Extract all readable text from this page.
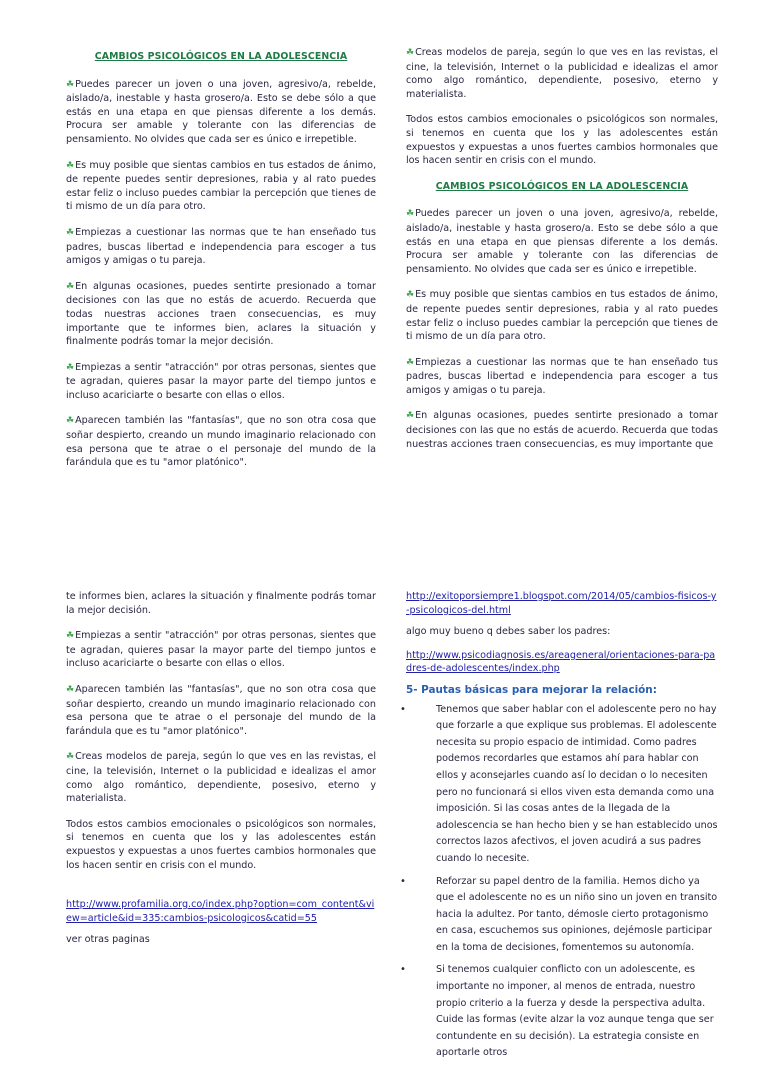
CAMBIOS PSICOLÓGICOS EN LA ADOLESCENCIA

☘Puedes parecer un joven o una joven, agresivo/a, rebelde, aislado/a, inestable y hasta grosero/a. Esto se debe sólo a que estás en una etapa en que piensas diferente a los demás. Procura ser amable y tolerante con las diferencias de pensamiento. No olvides que cada ser es único e irrepetible.

☘Es muy posible que sientas cambios en tus estados de ánimo, de repente puedes sentir depresiones, rabia y al rato puedes estar feliz o incluso puedes cambiar la percepción que tienes de ti mismo de un día para otro.

☘Empiezas a cuestionar las normas que te han enseñado tus padres, buscas libertad e independencia para escoger a tus amigos y amigas o tu pareja.

☘En algunas ocasiones, puedes sentirte presionado a tomar decisiones con las que no estás de acuerdo. Recuerda que todas nuestras acciones traen consecuencias, es muy importante que te informes bien, aclares la situación y finalmente podrás tomar la mejor decisión.

☘Empiezas a sentir "atracción" por otras personas, sientes que te agradan, quieres pasar la mayor parte del tiempo juntos e incluso acariciarte o besarte con ellas o ellos.

☘Aparecen también las "fantasías", que no son otra cosa que soñar despierto, creando un mundo imaginario relacionado con esa persona que te atrae o el personaje del mundo de la farándula que es tu "amor platónico".

☘Creas modelos de pareja, según lo que ves en las revistas, el cine, la televisión, Internet o la publicidad e idealizas el amor como algo romántico, dependiente, posesivo, eterno y materialista.

Todos estos cambios emocionales o psicológicos son normales, si tenemos en cuenta que los y las adolescentes están expuestos y expuestas a unos fuertes cambios hormonales que los hacen sentir en crisis con el mundo.

CAMBIOS PSICOLÓGICOS EN LA ADOLESCENCIA

☘Puedes parecer un joven o una joven, agresivo/a, rebelde, aislado/a, inestable y hasta grosero/a. Esto se debe sólo a que estás en una etapa en que piensas diferente a los demás. Procura ser amable y tolerante con las diferencias de pensamiento. No olvides que cada ser es único e irrepetible.

☘Es muy posible que sientas cambios en tus estados de ánimo, de repente puedes sentir depresiones, rabia y al rato puedes estar feliz o incluso puedes cambiar la percepción que tienes de ti mismo de un día para otro.

☘Empiezas a cuestionar las normas que te han enseñado tus padres, buscas libertad e independencia para escoger a tus amigos y amigas o tu pareja.

☘En algunas ocasiones, puedes sentirte presionado a tomar decisiones con las que no estás de acuerdo. Recuerda que todas nuestras acciones traen consecuencias, es muy importante que

te informes bien, aclares la situación y finalmente podrás tomar la mejor decisión.

☘Empiezas a sentir "atracción" por otras personas, sientes que te agradan, quieres pasar la mayor parte del tiempo juntos e incluso acariciarte o besarte con ellas o ellos.

☘Aparecen también las "fantasías", que no son otra cosa que soñar despierto, creando un mundo imaginario relacionado con esa persona que te atrae o el personaje del mundo de la farándula que es tu "amor platónico".

☘Creas modelos de pareja, según lo que ves en las revistas, el cine, la televisión, Internet o la publicidad e idealizas el amor como algo romántico, dependiente, posesivo, eterno y materialista.

Todos estos cambios emocionales o psicológicos son normales, si tenemos en cuenta que los y las adolescentes están expuestos y expuestas a unos fuertes cambios hormonales que los hacen sentir en crisis con el mundo.

http://www.profamilia.org.co/index.php?option=com_content&view=article&id=335:cambios-psicologicos&catid=55
ver otras paginas
http://exitoporsiempre1.blogspot.com/2014/05/cambios-fisicos-y-psicologicos-del.html
algo muy bueno q debes saber los padres:
http://www.psicodiagnosis.es/areageneral/orientaciones-para-padres-de-adolescentes/index.php
5- Pautas básicas para mejorar la relación:
•	Tenemos que saber hablar con el adolescente pero no hay que forzarle a que explique sus problemas. El adolescente necesita su propio espacio de intimidad. Como padres podemos recordarles que estamos ahí para hablar con ellos y aconsejarles cuando así lo decidan o lo necesiten pero no funcionará si ellos viven esta demanda como una imposición. Si las cosas antes de la llegada de la adolescencia se han hecho bien y se han establecido unos correctos lazos afectivos, el joven acudirá a sus padres cuando lo necesite.
•	Reforzar su papel dentro de la familia. Hemos dicho ya que el adolescente no es un niño sino un joven en transito hacia la adultez. Por tanto, démosle cierto protagonismo en casa, escuchemos sus opiniones, dejémosle participar en la toma de decisiones, fomentemos su autonomía.
•	Si tenemos cualquier conflicto con un adolescente, es importante no imponer, al menos de entrada, nuestro propio criterio a la fuerza y desde la perspectiva adulta. Cuide las formas (evite alzar la voz aunque tenga que ser contundente en su decisión). La estrategia consiste en aportarle otros
